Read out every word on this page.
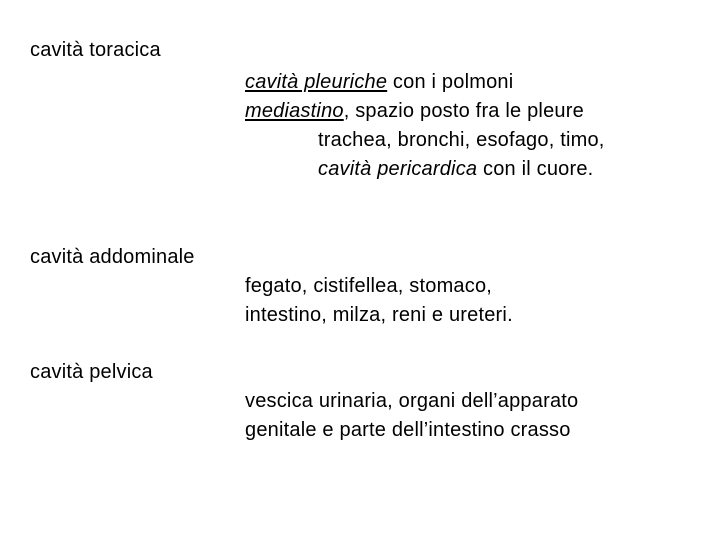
cavità toracica
cavità pleuriche con i polmoni
mediastino, spazio posto fra le pleure
trachea, bronchi, esofago, timo,
cavità pericardica con il cuore.
cavità addominale
fegato, cistifellea, stomaco,
intestino, milza, reni e ureteri.
cavità pelvica
vescica urinaria, organi dell’apparato
genitale e parte dell’intestino crasso
